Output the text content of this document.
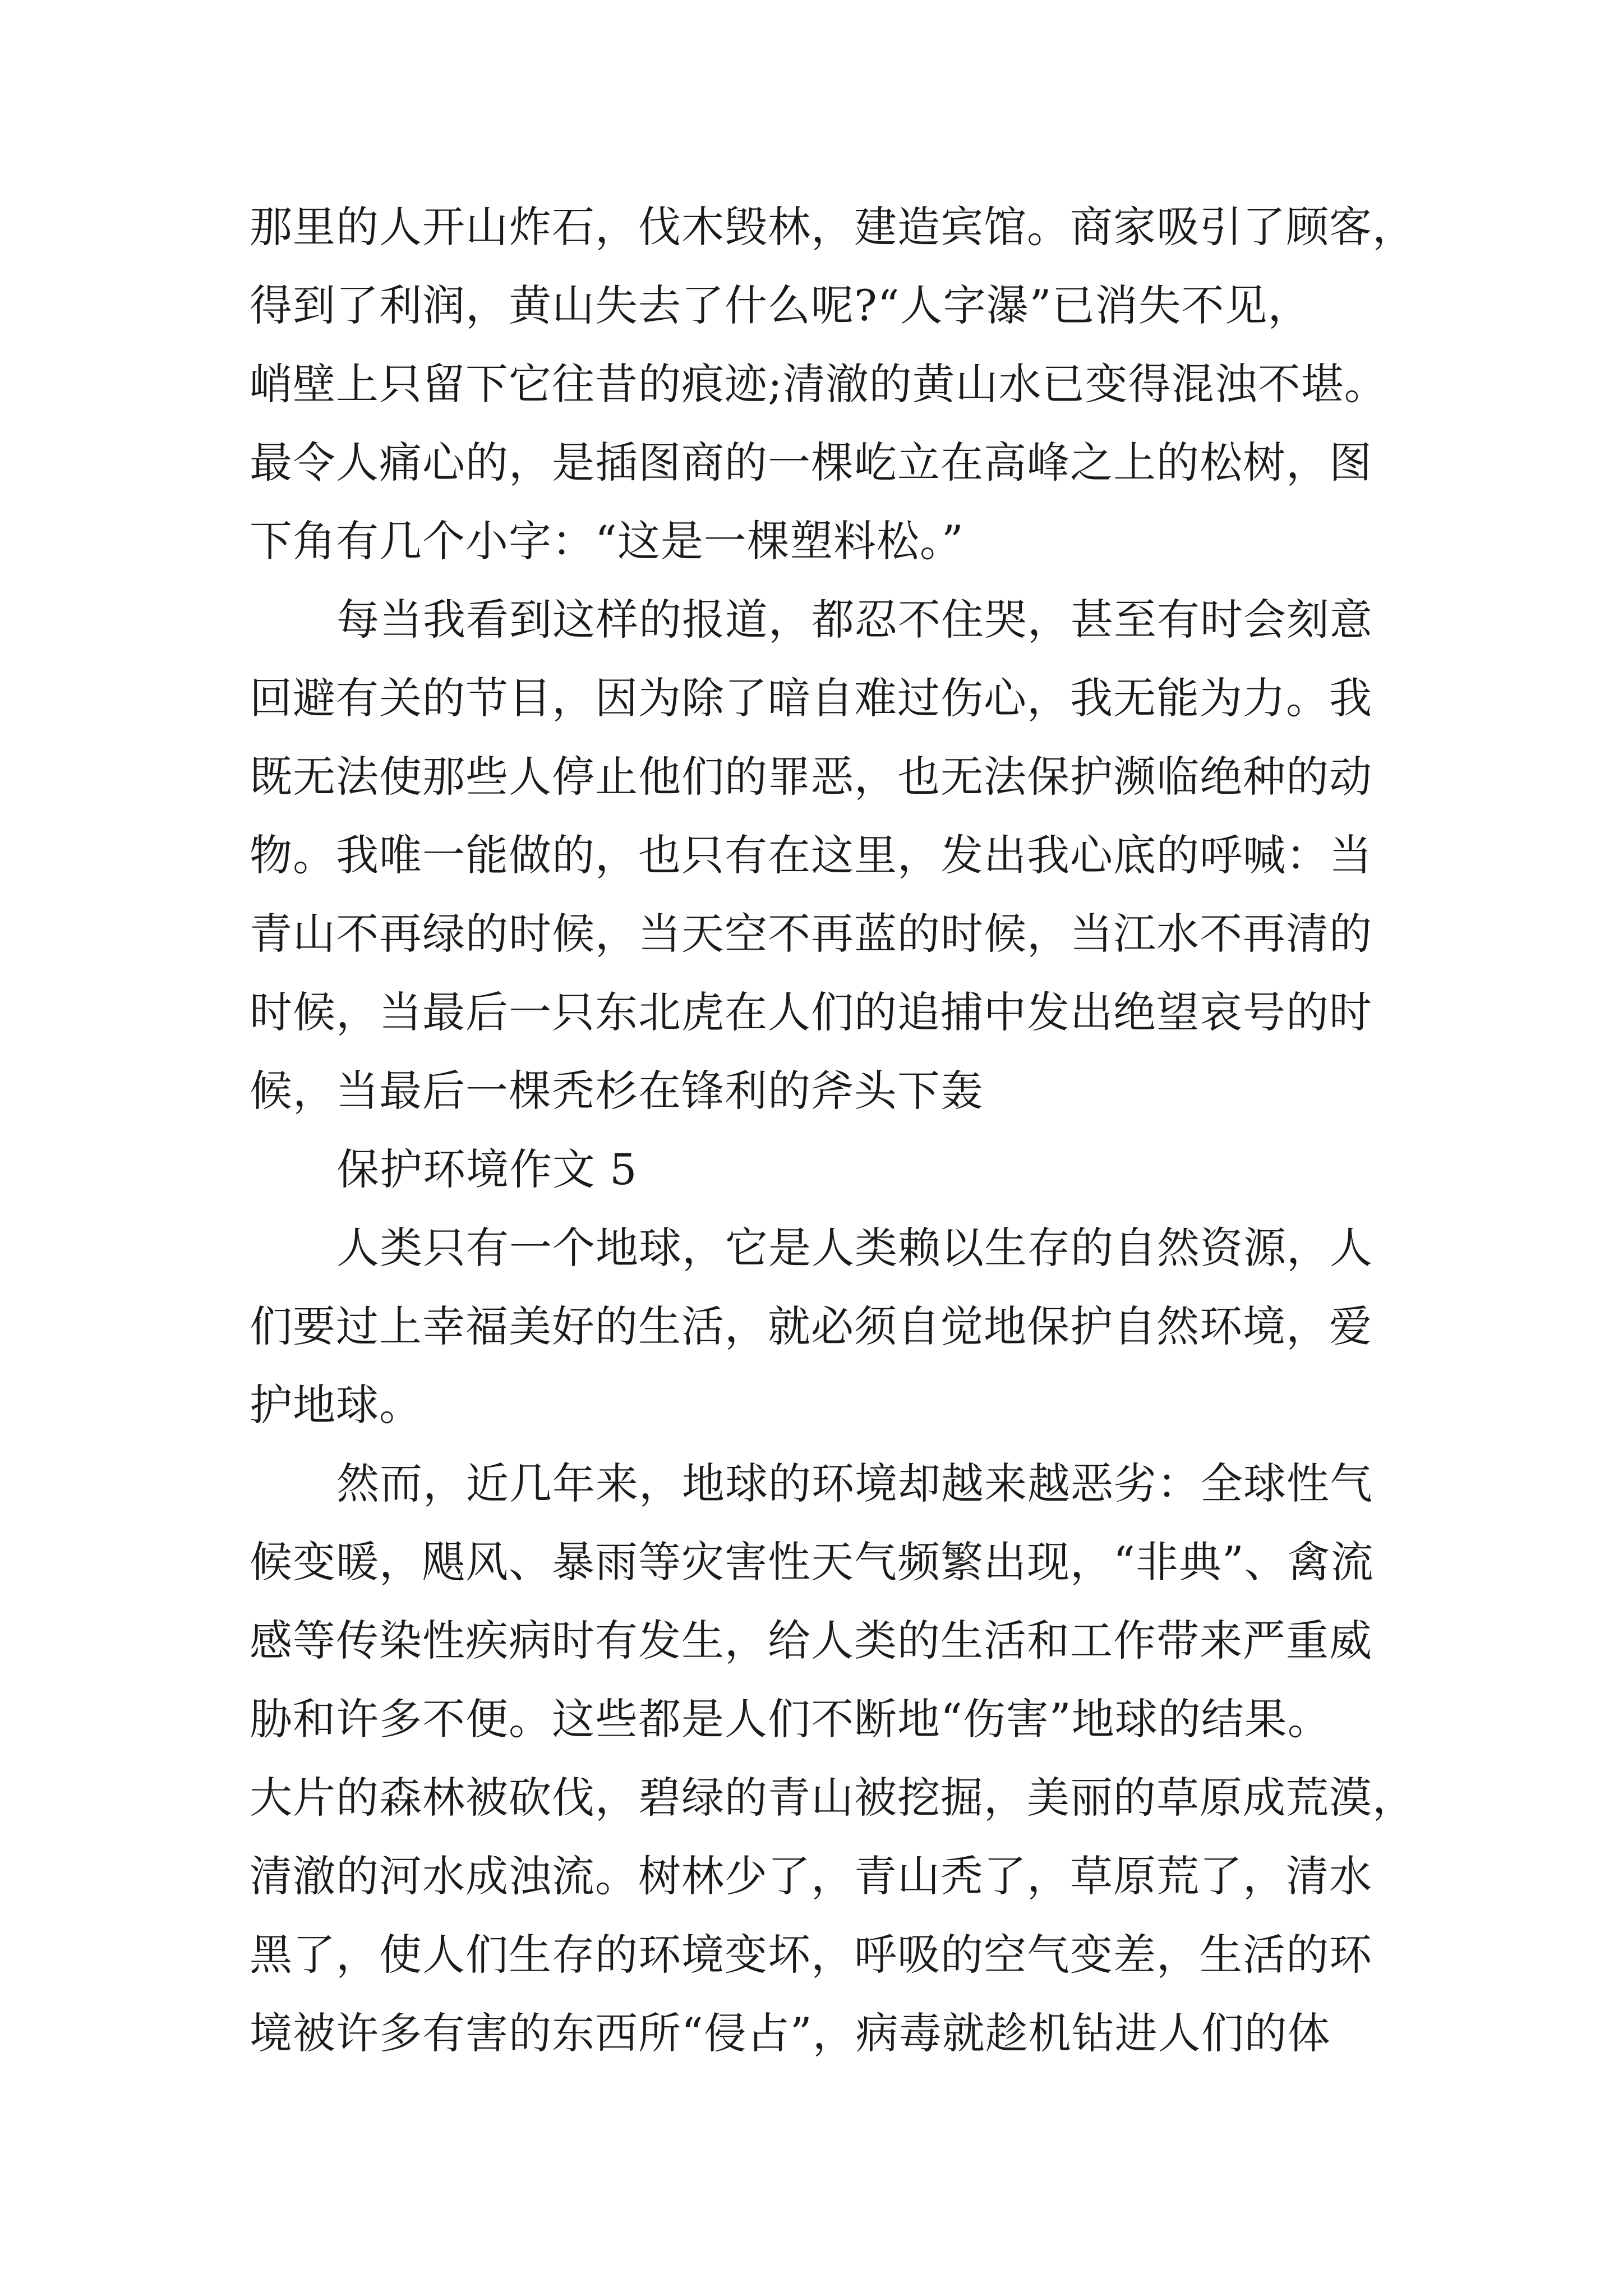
那里的人开山炸石，伐木毁林，建造宾馆。商家吸引了顾客，
得到了利润，黄山失去了什么呢?“人字瀑”已消失不见，
峭壁上只留下它往昔的痕迹;清澈的黄山水已变得混浊不堪。
最令人痛心的，是插图商的一棵屹立在高峰之上的松树，图
下角有几个小字：“这是一棵塑料松。”
每当我看到这样的报道，都忍不住哭，甚至有时会刻意
回避有关的节目，因为除了暗自难过伤心，我无能为力。我
既无法使那些人停止他们的罪恶，也无法保护濒临绝种的动
物。我唯一能做的，也只有在这里，发出我心底的呼喊：当
青山不再绿的时候，当天空不再蓝的时候，当江水不再清的
时候，当最后一只东北虎在人们的追捕中发出绝望哀号的时
候，当最后一棵秃杉在锋利的斧头下轰
保护环境作文 5
人类只有一个地球，它是人类赖以生存的自然资源，人
们要过上幸福美好的生活，就必须自觉地保护自然环境，爱
护地球。
然而，近几年来，地球的环境却越来越恶劣：全球性气
候变暖，飓风、暴雨等灾害性天气频繁出现，“非典”、禽流
感等传染性疾病时有发生，给人类的生活和工作带来严重威
胁和许多不便。这些都是人们不断地“伤害”地球的结果。
大片的森林被砍伐，碧绿的青山被挖掘，美丽的草原成荒漠，
清澈的河水成浊流。树林少了，青山秃了，草原荒了，清水
黑了，使人们生存的环境变坏，呼吸的空气变差，生活的环
境被许多有害的东西所“侵占”，病毒就趁机钻进人们的体
